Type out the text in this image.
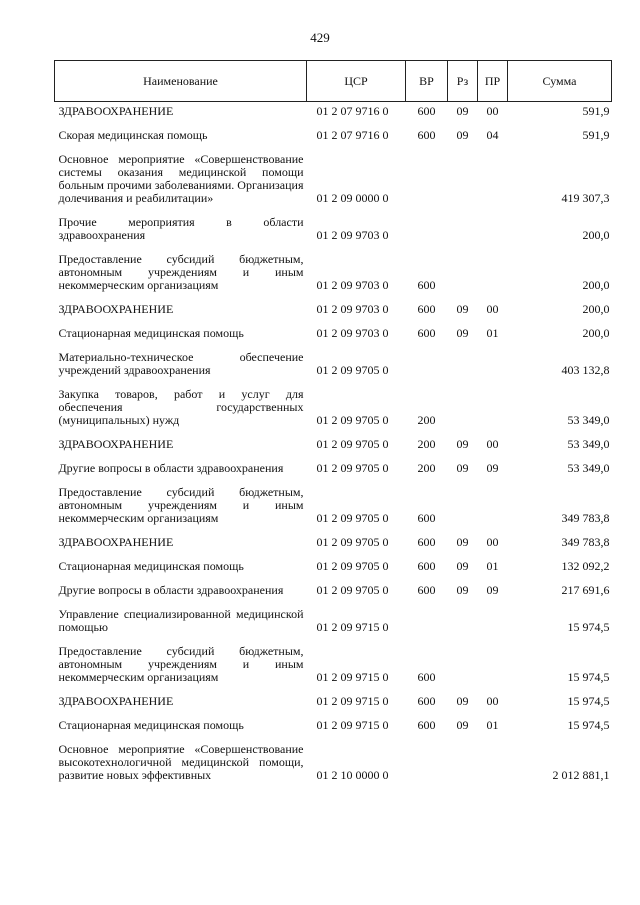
429
Наименование	ЦСР	ВР	Рз	ПР	Сумма
ЗДРАВООХРАНЕНИЕ	01 2 07 9716 0	600	09	00	591,9

Скорая медицинская помощь	01 2 07 9716 0	600	09	04	591,9

Основное мероприятие «Совершенствование системы оказания медицинской помощи больным прочими заболеваниями. Организация долечивания и реабилитации»	01 2 09 0000 0				419 307,3

Прочие мероприятия в области здравоохранения	01 2 09 9703 0				200,0

Предоставление субсидий бюджетным, автономным учреждениям и иным некоммерческим организациям	01 2 09 9703 0	600			200,0

ЗДРАВООХРАНЕНИЕ	01 2 09 9703 0	600	09	00	200,0

Стационарная медицинская помощь	01 2 09 9703 0	600	09	01	200,0

Материально-техническое обеспечение учреждений здравоохранения	01 2 09 9705 0				403 132,8

Закупка товаров, работ и услуг для обеспечения государственных (муниципальных) нужд	01 2 09 9705 0	200			53 349,0

ЗДРАВООХРАНЕНИЕ	01 2 09 9705 0	200	09	00	53 349,0

Другие вопросы в области здравоохранения	01 2 09 9705 0	200	09	09	53 349,0

Предоставление субсидий бюджетным, автономным учреждениям и иным некоммерческим организациям	01 2 09 9705 0	600			349 783,8

ЗДРАВООХРАНЕНИЕ	01 2 09 9705 0	600	09	00	349 783,8

Стационарная медицинская помощь	01 2 09 9705 0	600	09	01	132 092,2

Другие вопросы в области здравоохранения	01 2 09 9705 0	600	09	09	217 691,6

Управление специализированной медицинской помощью	01 2 09 9715 0				15 974,5

Предоставление субсидий бюджетным, автономным учреждениям и иным некоммерческим организациям	01 2 09 9715 0	600			15 974,5

ЗДРАВООХРАНЕНИЕ	01 2 09 9715 0	600	09	00	15 974,5

Стационарная медицинская помощь	01 2 09 9715 0	600	09	01	15 974,5

Основное мероприятие «Совершенствование высокотехнологичной медицинской помощи, развитие новых эффективных	01 2 10 0000 0				2 012 881,1
